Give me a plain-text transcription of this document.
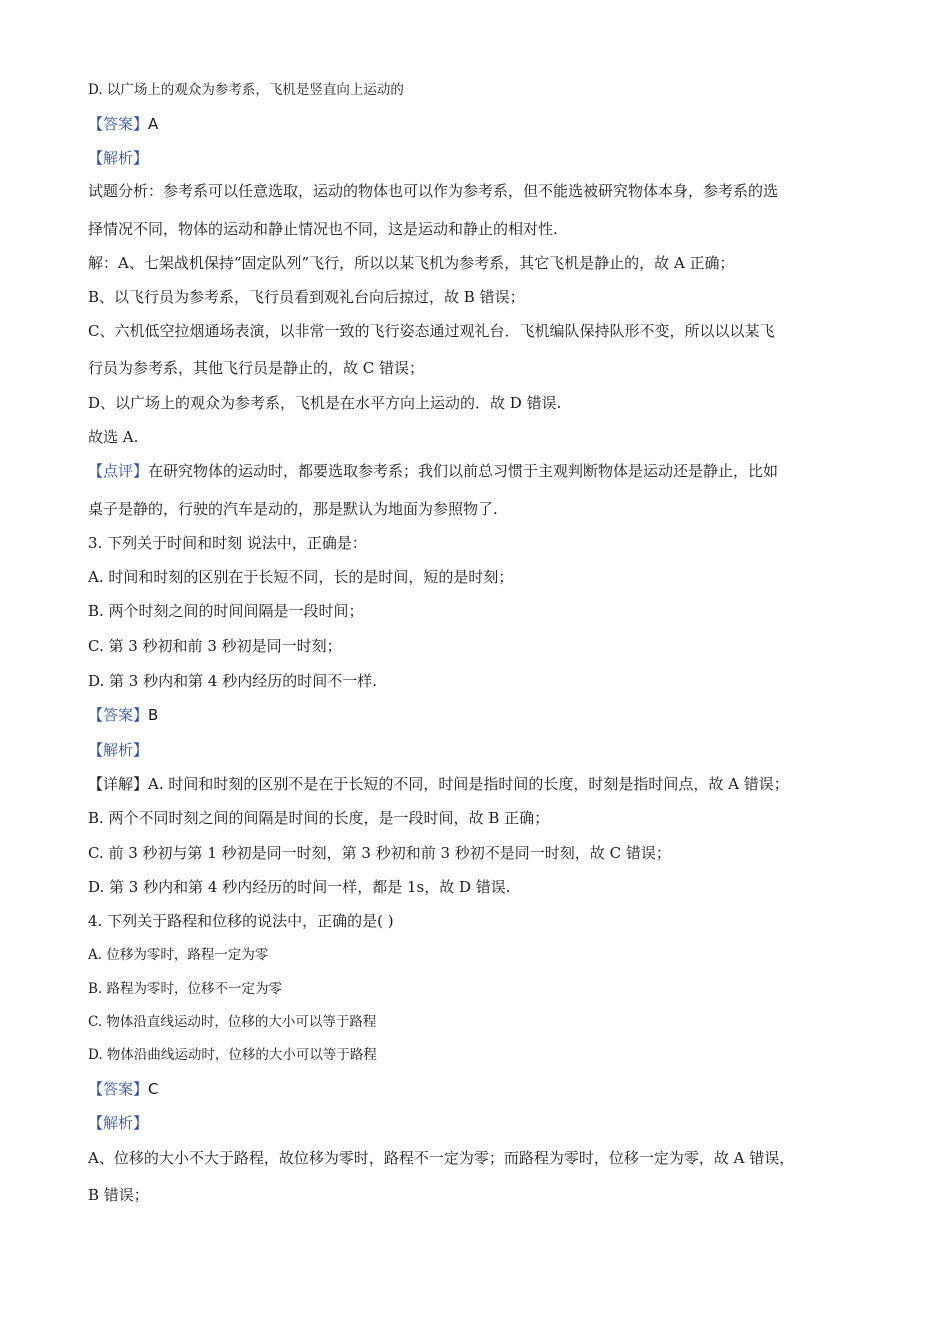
D. 以广场上的观众为参考系，飞机是竖直向上运动的
【答案】A
【解析】
试题分析：参考系可以任意选取，运动的物体也可以作为参考系，但不能选被研究物体本身，参考系的选
择情况不同，物体的运动和静止情况也不同，这是运动和静止的相对性.
解：A、七架战机保持“固定队列”飞行，所以以某飞机为参考系，其它飞机是静止的，故 A 正确；
B、以飞行员为参考系，飞行员看到观礼台向后掠过，故 B 错误；
C、六机低空拉烟通场表演，以非常一致的飞行姿态通过观礼台．飞机编队保持队形不变，所以以以某飞
行员为参考系，其他飞行员是静止的，故 C 错误；
D、以广场上的观众为参考系，飞机是在水平方向上运动的．故 D 错误.
故选 A.
【点评】在研究物体的运动时，都要选取参考系；我们以前总习惯于主观判断物体是运动还是静止，比如
桌子是静的，行驶的汽车是动的，那是默认为地面为参照物了.
3. 下列关于时间和时刻 说法中，正确是：
A. 时间和时刻的区别在于长短不同，长的是时间，短的是时刻；
B. 两个时刻之间的时间间隔是一段时间；
C. 第 3 秒初和前 3 秒初是同一时刻；
D. 第 3 秒内和第 4 秒内经历的时间不一样.
【答案】B
【解析】
【详解】A. 时间和时刻的区别不是在于长短的不同，时间是指时间的长度，时刻是指时间点，故 A 错误；
B. 两个不同时刻之间的间隔是时间的长度，是一段时间，故 B 正确；
C. 前 3 秒初与第 1 秒初是同一时刻，第 3 秒初和前 3 秒初不是同一时刻，故 C 错误；
D. 第 3 秒内和第 4 秒内经历的时间一样，都是 1s，故 D 错误.
4. 下列关于路程和位移的说法中，正确的是( )
A. 位移为零时，路程一定为零
B. 路程为零时，位移不一定为零
C. 物体沿直线运动时，位移的大小可以等于路程
D. 物体沿曲线运动时，位移的大小可以等于路程
【答案】C
【解析】
A、位移的大小不大于路程，故位移为零时，路程不一定为零；而路程为零时，位移一定为零，故 A 错误，
B 错误；
